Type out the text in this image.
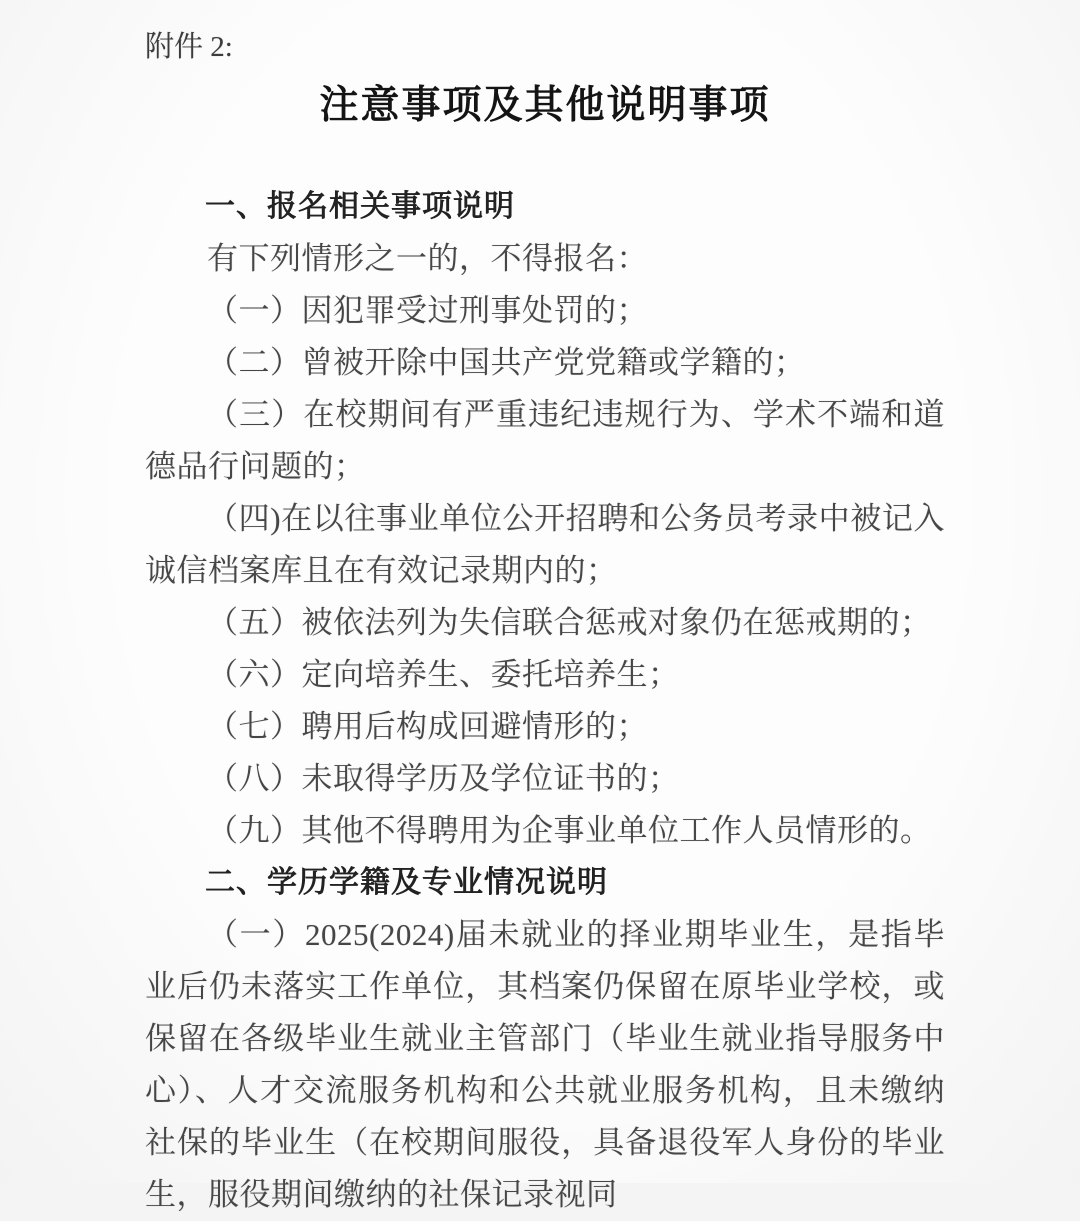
附件 2:
注意事项及其他说明事项
一、报名相关事项说明

有下列情形之一的，不得报名：

（一）因犯罪受过刑事处罚的；

（二）曾被开除中国共产党党籍或学籍的；

（三）在校期间有严重违纪违规行为、学术不端和道德品行问题的；

（四)在以往事业单位公开招聘和公务员考录中被记入诚信档案库且在有效记录期内的；

（五）被依法列为失信联合惩戒对象仍在惩戒期的；

（六）定向培养生、委托培养生；

（七）聘用后构成回避情形的；

（八）未取得学历及学位证书的；

（九）其他不得聘用为企事业单位工作人员情形的。

二、学历学籍及专业情况说明

（一）2025(2024)届未就业的择业期毕业生，是指毕业后仍未落实工作单位，其档案仍保留在原毕业学校，或保留在各级毕业生就业主管部门（毕业生就业指导服务中心）、人才交流服务机构和公共就业服务机构，且未缴纳社保的毕业生（在校期间服役，具备退役军人身份的毕业生，服役期间缴纳的社保记录视同
